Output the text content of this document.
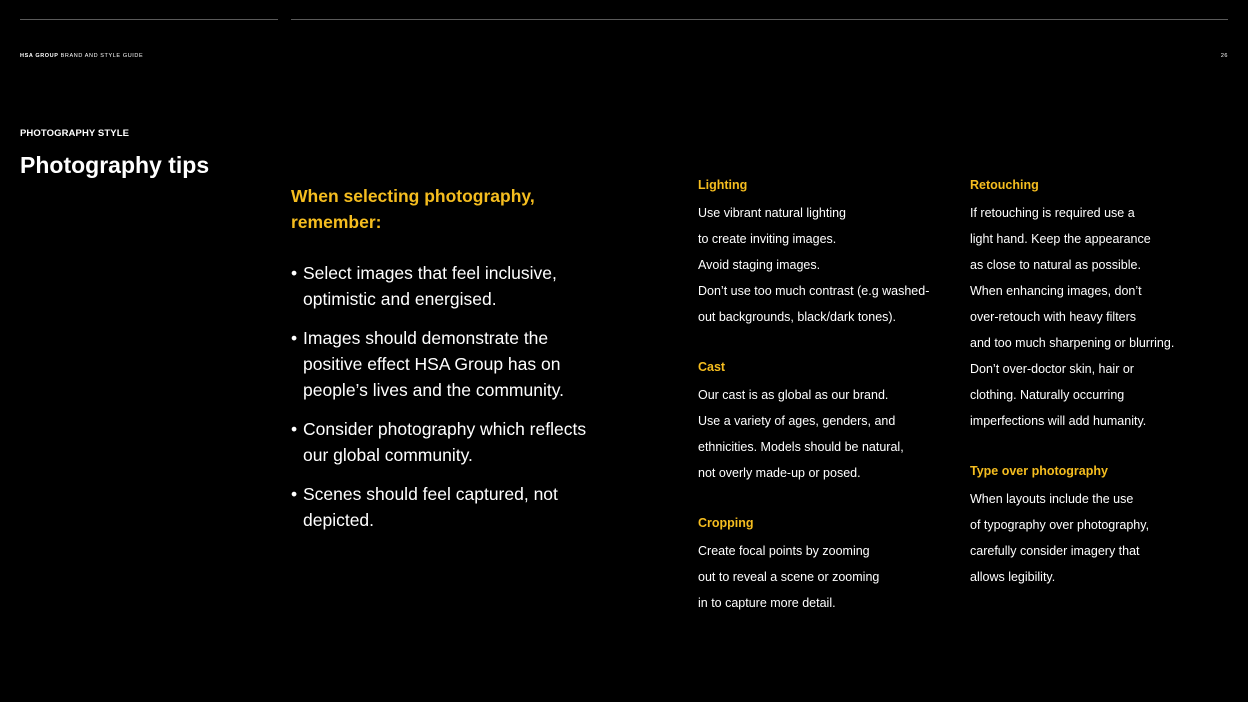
HSA GROUP BRAND AND STYLE GUIDE	26
PHOTOGRAPHY STYLE
Photography tips
When selecting photography, remember:
• Select images that feel inclusive, optimistic and energised.
• Images should demonstrate the positive effect HSA Group has on people’s lives and the community.
• Consider photography which reflects our global community.
• Scenes should feel captured, not depicted.
Lighting

Use vibrant natural lighting

to create inviting images.

Avoid staging images.

Don’t use too much contrast (e.g washed-

out backgrounds, black/dark tones).

Cast

Our cast is as global as our brand.

Use a variety of ages, genders, and

ethnicities. Models should be natural,

not overly made-up or posed.

Cropping

Create focal points by zooming

out to reveal a scene or zooming

in to capture more detail.

Retouching

If retouching is required use a

light hand. Keep the appearance

as close to natural as possible.

When enhancing images, don’t

over-retouch with heavy filters

and too much sharpening or blurring.

Don’t over-doctor skin, hair or

clothing. Naturally occurring

imperfections will add humanity.

Type over photography

When layouts include the use

of typography over photography,

carefully consider imagery that

allows legibility.
